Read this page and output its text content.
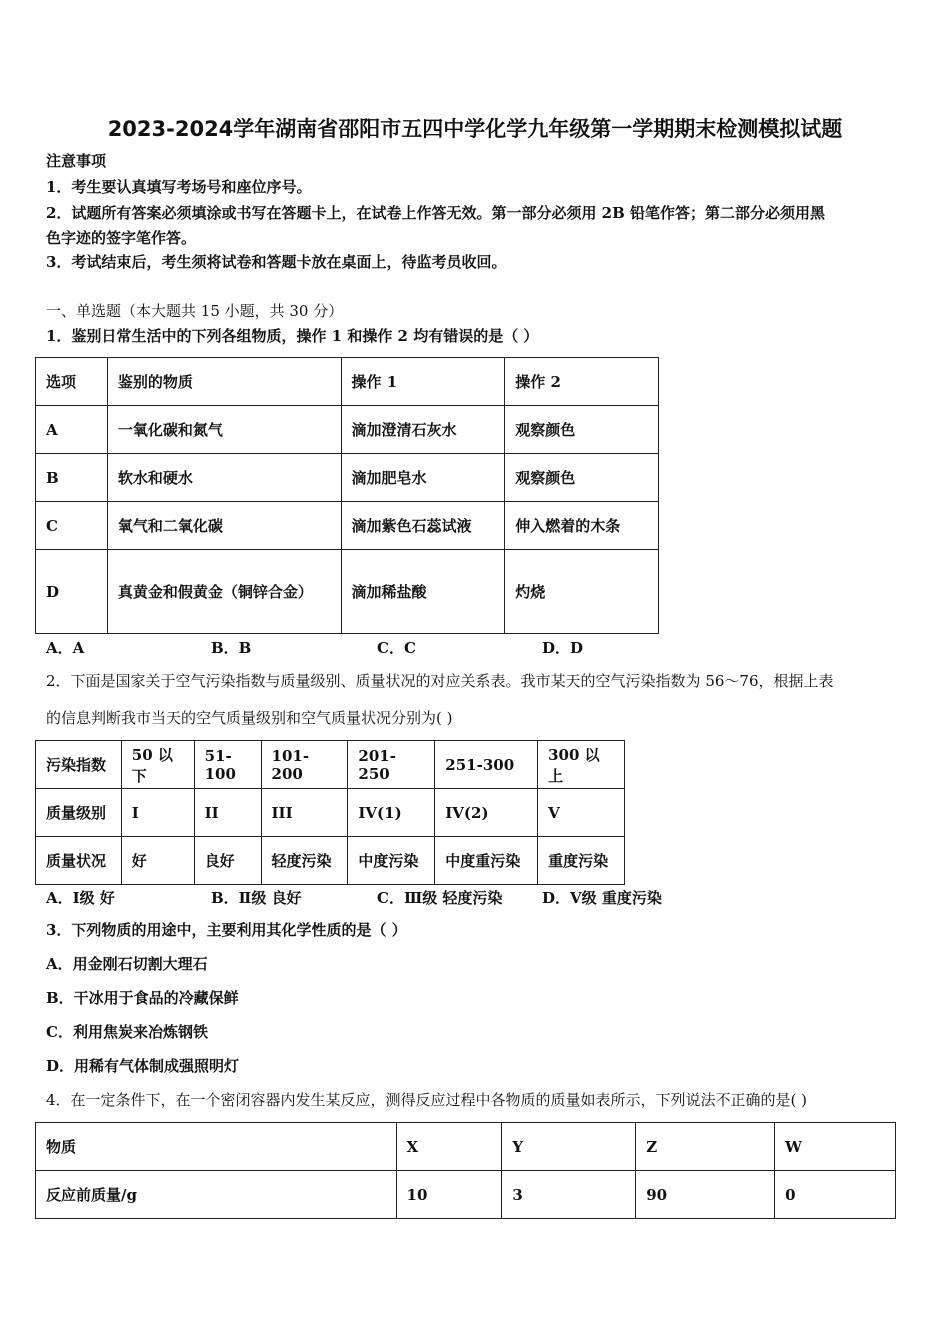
2023-2024学年湖南省邵阳市五四中学化学九年级第一学期期末检测模拟试题
注意事项
1．考生要认真填写考场号和座位序号。
2．试题所有答案必须填涂或书写在答题卡上，在试卷上作答无效。第一部分必须用 2B 铅笔作答；第二部分必须用黑
色字迹的签字笔作答。
3．考试结束后，考生须将试卷和答题卡放在桌面上，待监考员收回。
一、单选题（本大题共 15 小题，共 30 分）
1．鉴别日常生活中的下列各组物质，操作 1 和操作 2 均有错误的是（ ）
选项	鉴别的物质	操作 1	操作 2
A	一氧化碳和氮气	滴加澄清石灰水	观察颜色
B	软水和硬水	滴加肥皂水	观察颜色
C	氧气和二氧化碳	滴加紫色石蕊试液	伸入燃着的木条
D	真黄金和假黄金（铜锌合金）	滴加稀盐酸	灼烧
A．A	B．B	C．C	D．D
2．下面是国家关于空气污染指数与质量级别、质量状况的对应关系表。我市某天的空气污染指数为 56～76，根据上表
的信息判断我市当天的空气质量级别和空气质量状况分别为( )
污染指数	50 以下	51-100	101-200	201-250	251-300	300 以上
质量级别	I	II	III	IV(1)	IV(2)	V
质量状况	好	良好	轻度污染	中度污染	中度重污染	重度污染
A．Ⅰ级 好	B．Ⅱ级 良好	C．Ⅲ级 轻度污染	D．Ⅴ级 重度污染
3．下列物质的用途中，主要利用其化学性质的是（ ）
A．用金刚石切割大理石
B．干冰用于食品的冷藏保鲜
C．利用焦炭来冶炼钢铁
D．用稀有气体制成强照明灯
4．在一定条件下，在一个密闭容器内发生某反应，测得反应过程中各物质的质量如表所示，下列说法不正确的是( )
物质	X	Y	Z	W
反应前质量/g	10	3	90	0
